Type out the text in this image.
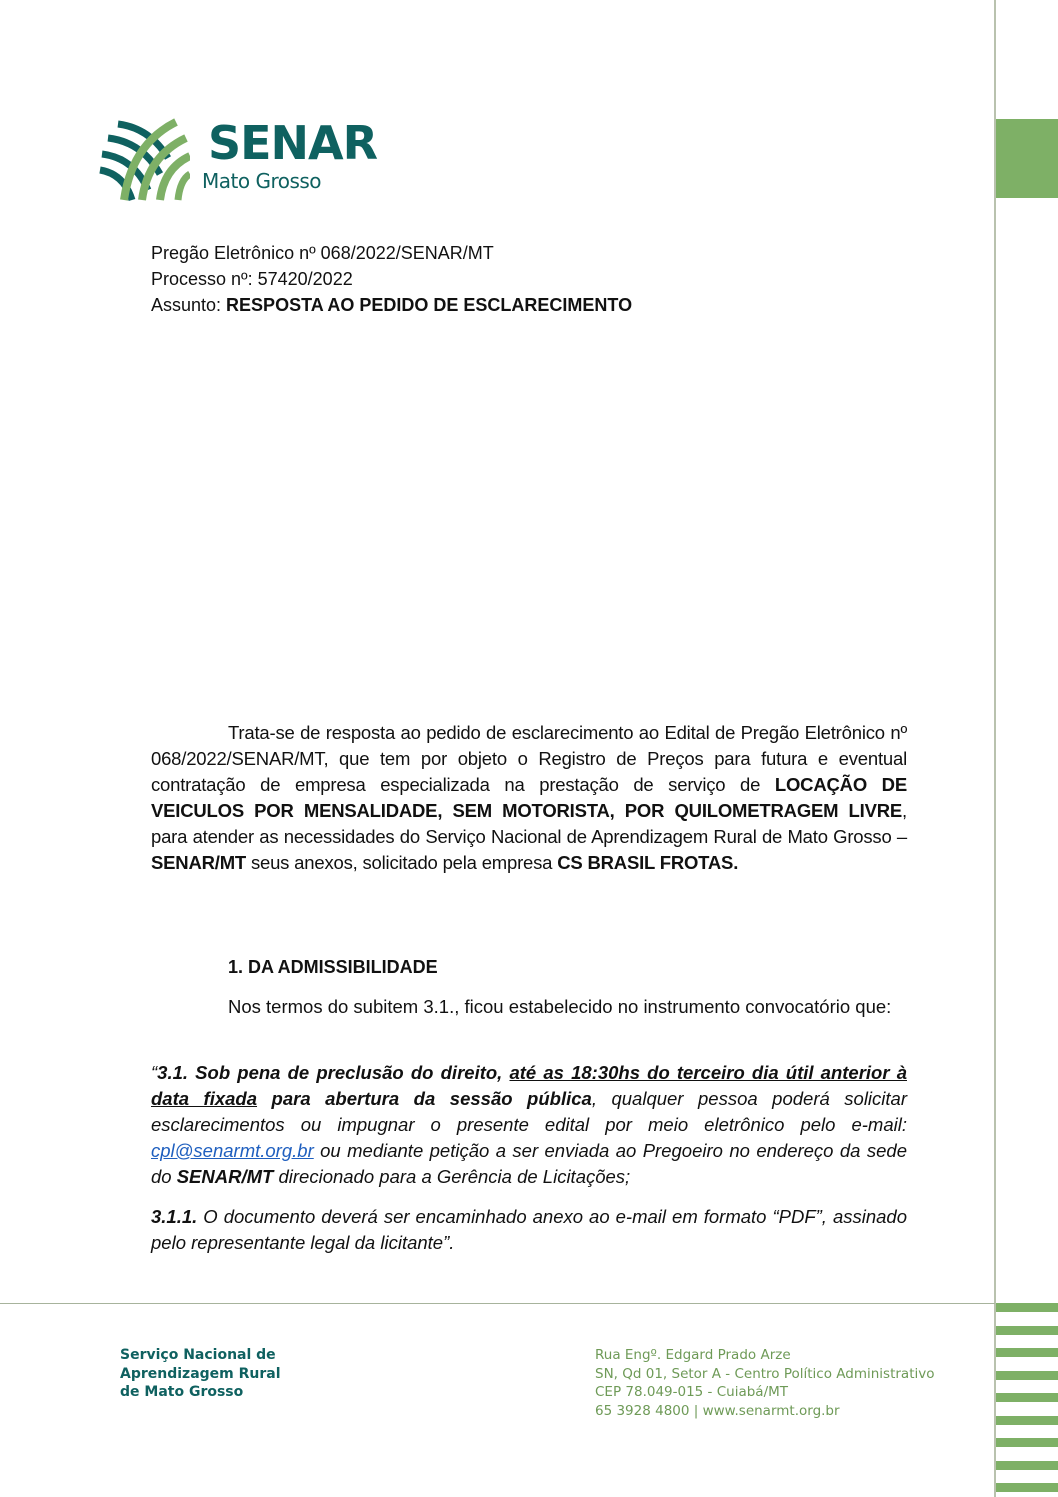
SENAR
Mato Grosso
Pregão Eletrônico nº 068/2022/SENAR/MT
Processo nº: 57420/2022
Assunto: RESPOSTA AO PEDIDO DE ESCLARECIMENTO
Trata-se de resposta ao pedido de esclarecimento ao Edital de Pregão Eletrônico nº 068/2022/SENAR/MT, que tem por objeto o Registro de Preços para futura e eventual contratação de empresa especializada na prestação de serviço de LOCAÇÃO DE VEICULOS POR MENSALIDADE, SEM MOTORISTA, POR QUILOMETRAGEM LIVRE, para atender as necessidades do Serviço Nacional de Aprendizagem Rural de Mato Grosso – SENAR/MT seus anexos, solicitado pela empresa CS BRASIL FROTAS.
1. DA ADMISSIBILIDADE
Nos termos do subitem 3.1., ficou estabelecido no instrumento convocatório que:
“3.1. Sob pena de preclusão do direito, até as 18:30hs do terceiro dia útil anterior à data fixada para abertura da sessão pública, qualquer pessoa poderá solicitar esclarecimentos ou impugnar o presente edital por meio eletrônico pelo e-mail: cpl@senarmt.org.br ou mediante petição a ser enviada ao Pregoeiro no endereço da sede do SENAR/MT direcionado para a Gerência de Licitações;
3.1.1. O documento deverá ser encaminhado anexo ao e-mail em formato “PDF”, assinado pelo representante legal da licitante”.
Serviço Nacional de
Aprendizagem Rural
de Mato Grosso
Rua Engº. Edgard Prado Arze
SN, Qd 01, Setor A - Centro Político Administrativo
CEP 78.049-015 - Cuiabá/MT
65 3928 4800 | www.senarmt.org.br
